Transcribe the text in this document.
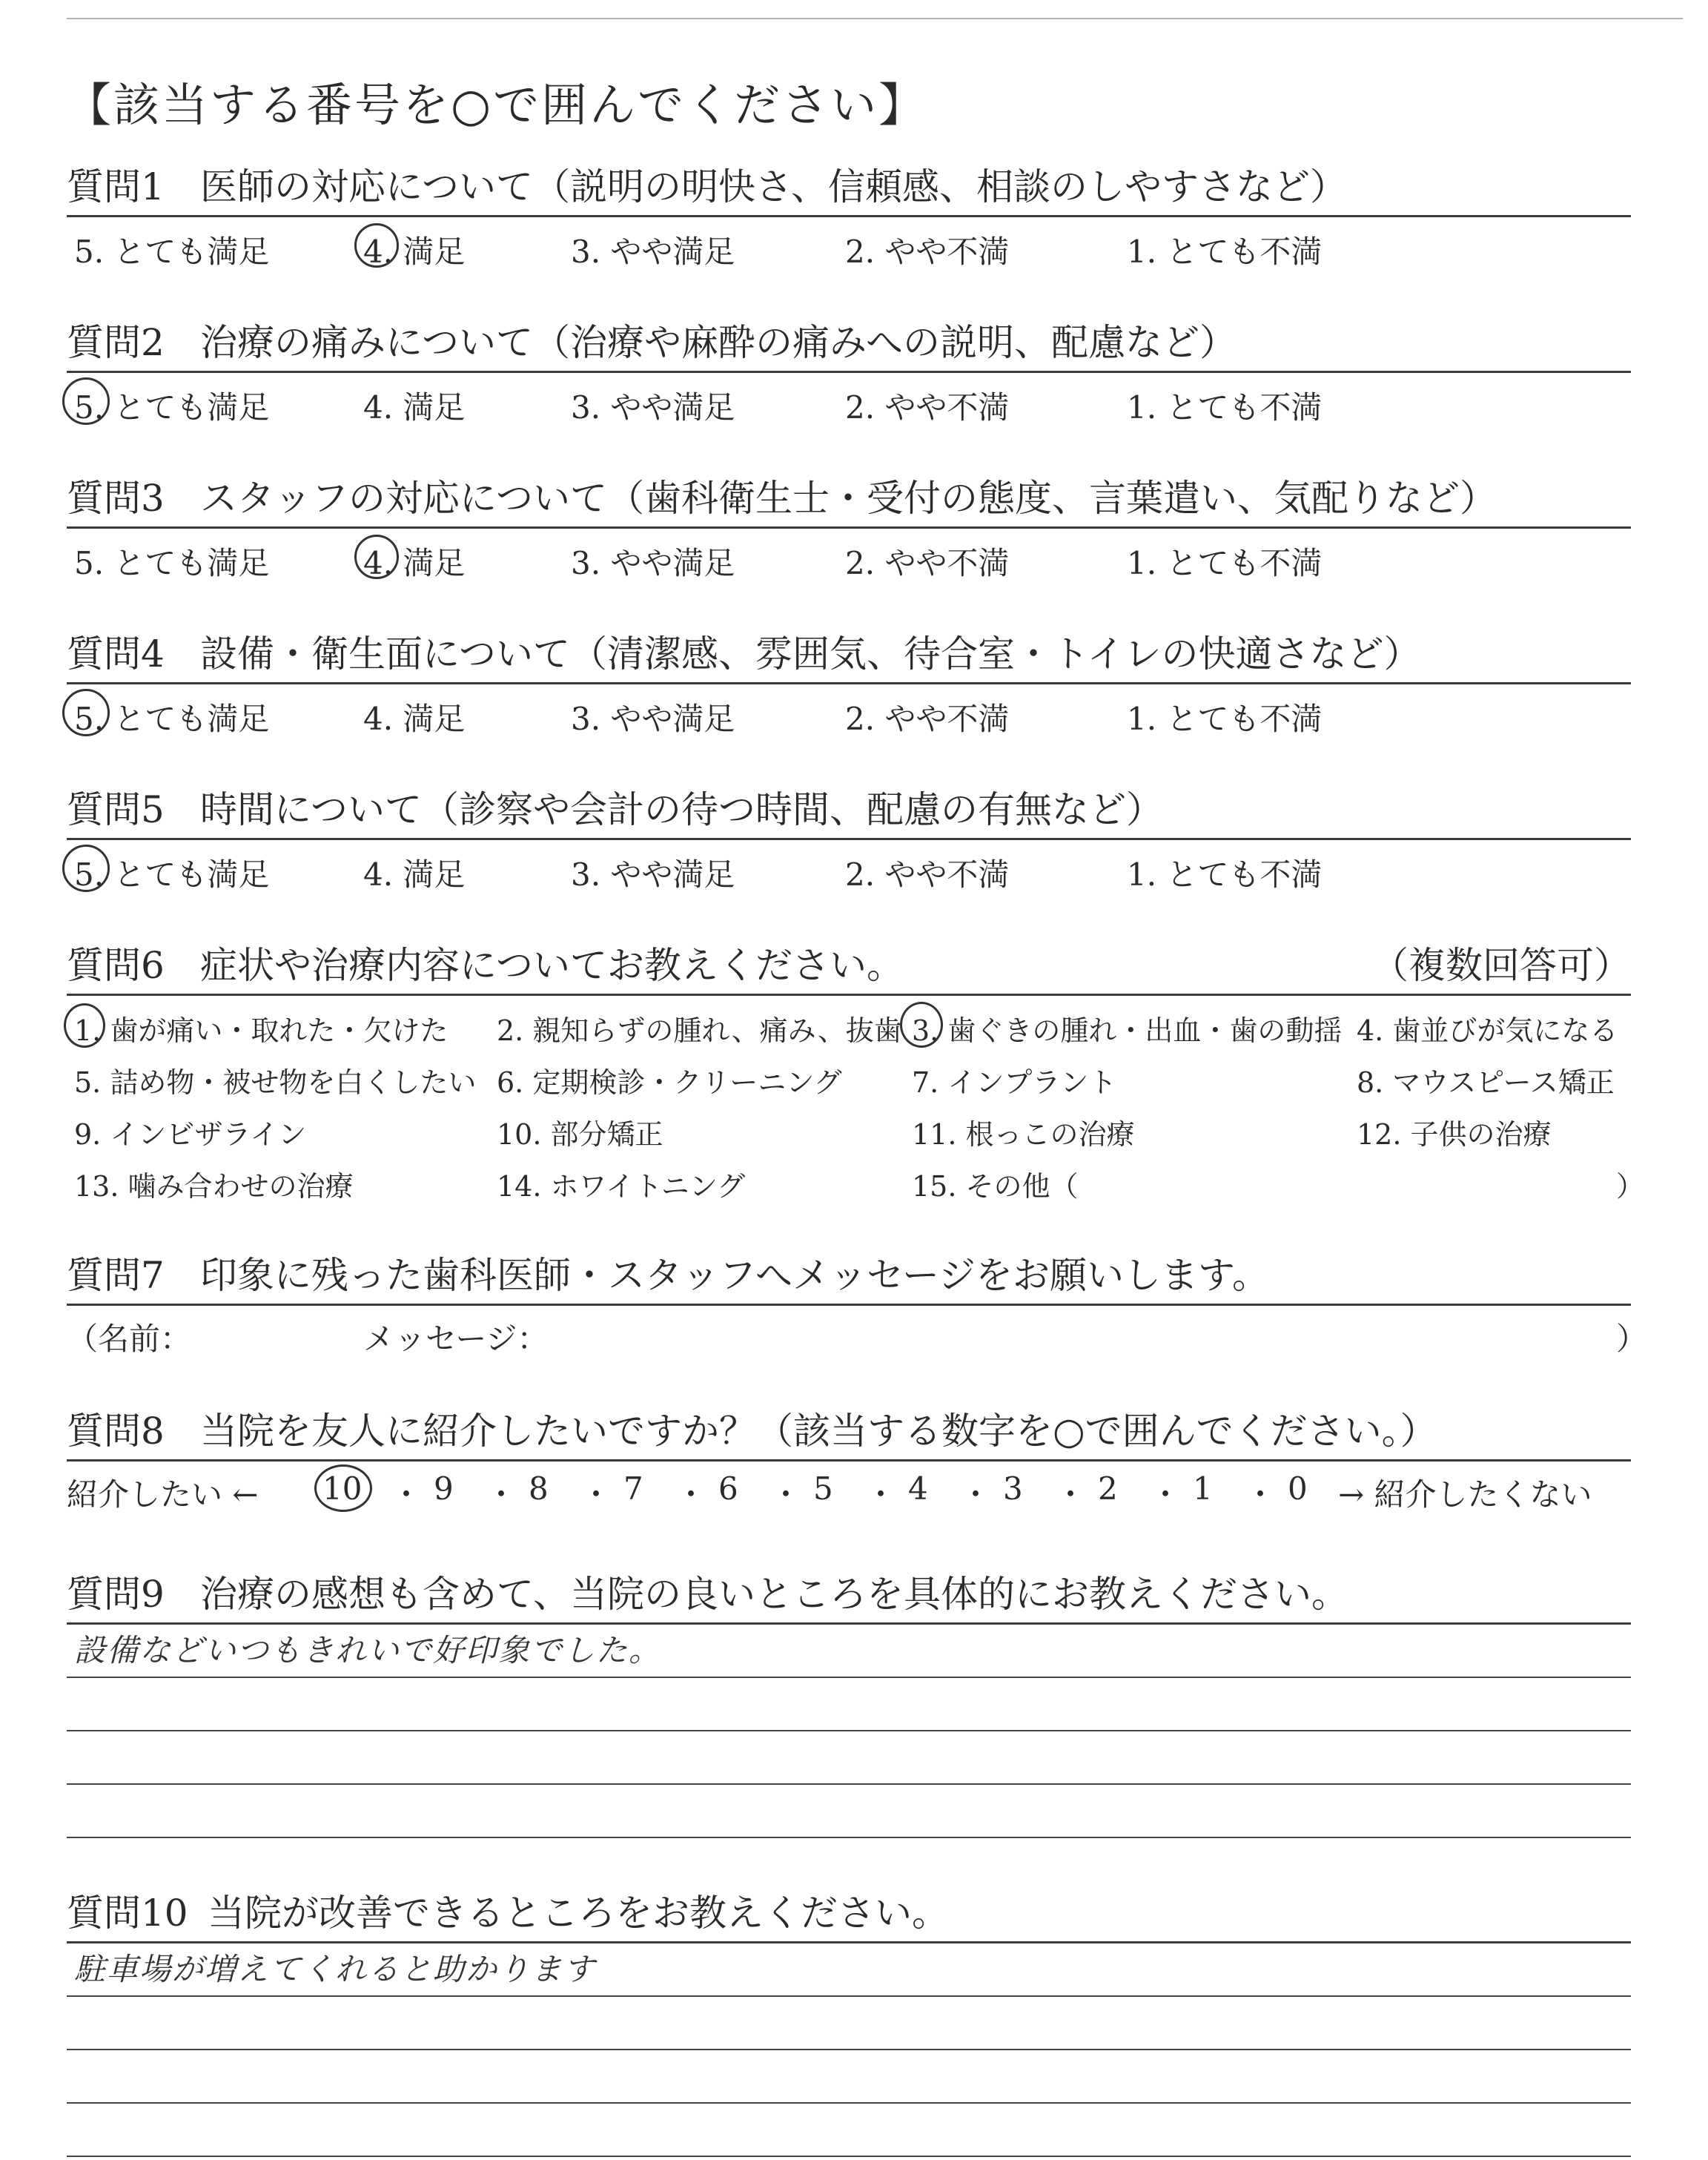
【該当する番号を○で囲んでください】
質問1 医師の対応について（説明の明快さ、信頼感、相談のしやすさなど）
5. とても満足	4. 満足	3. やや満足	2. やや不満	1. とても不満
質問2 治療の痛みについて（治療や麻酔の痛みへの説明、配慮など）
5. とても満足	4. 満足	3. やや満足	2. やや不満	1. とても不満
質問3 スタッフの対応について（歯科衛生士・受付の態度、言葉遣い、気配りなど）
5. とても満足	4. 満足	3. やや満足	2. やや不満	1. とても不満
質問4 設備・衛生面について（清潔感、雰囲気、待合室・トイレの快適さなど）
5. とても満足	4. 満足	3. やや満足	2. やや不満	1. とても不満
質問5 時間について（診察や会計の待つ時間、配慮の有無など）
5. とても満足	4. 満足	3. やや満足	2. やや不満	1. とても不満
質問6 症状や治療内容についてお教えください。	（複数回答可）
1. 歯が痛い・取れた・欠けた 2. 親知らずの腫れ、痛み、抜歯 3. 歯ぐきの腫れ・出血・歯の動揺 4. 歯並びが気になる
5. 詰め物・被せ物を白くしたい 6. 定期検診・クリーニング 7. インプラント	8. マウスピース矯正
9. インビザライン	10. 部分矯正	11. 根っこの治療	12. 子供の治療
13. 噛み合わせの治療	14. ホワイトニング	15. その他（	）
質問7 印象に残った歯科医師・スタッフへメッセージをお願いします。
（名前：	メッセージ：	）
質問8 当院を友人に紹介したいですか？（該当する数字を○で囲んでください。）
紹介したい ← 10 ・ 9 ・ 8 ・ 7 ・ 6 ・ 5 ・ 4 ・ 3 ・ 2 ・ 1 ・ 0 → 紹介したくない
質問9 治療の感想も含めて、当院の良いところを具体的にお教えください。
設備などいつもきれいで好印象でした。
質問10 当院が改善できるところをお教えください。
駐車場が増えてくれると助かります
